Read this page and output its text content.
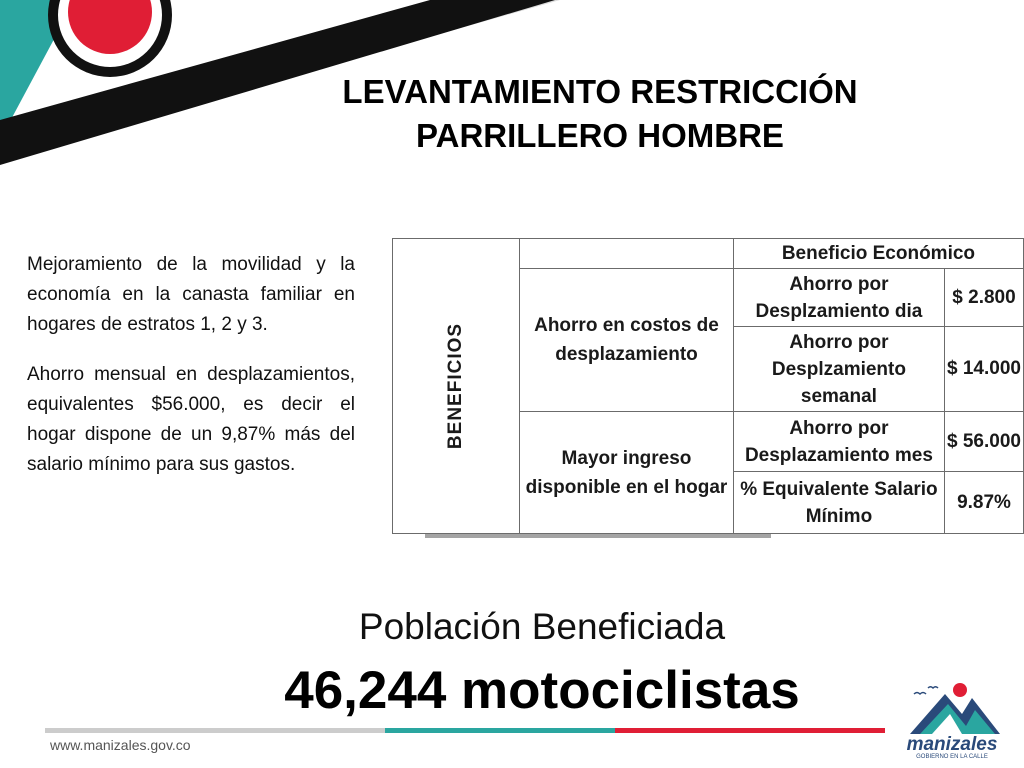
LEVANTAMIENTO RESTRICCIÓN
PARRILLERO HOMBRE

Mejoramiento de la movilidad y la economía en la canasta familiar en hogares de estratos 1, 2 y 3.

Ahorro mensual en desplazamientos, equivalentes $56.000, es decir el hogar dispone de un 9,87% más del salario mínimo para sus gastos.

BENEFICIOS		Beneficio Económico	
	Ahorro en costos de desplazamiento	Ahorro por Desplzamiento dia	$ 2.800
		Ahorro por Desplzamiento semanal	$ 14.000
	Mayor ingreso disponible en el hogar	Ahorro por Desplazamiento mes	$ 56.000
		% Equivalente Salario Mínimo	9.87%
Población Beneficiada
46,244 motociclistas
www.manizales.gov.co	manizales
GOBIERNO EN LA CALLE
